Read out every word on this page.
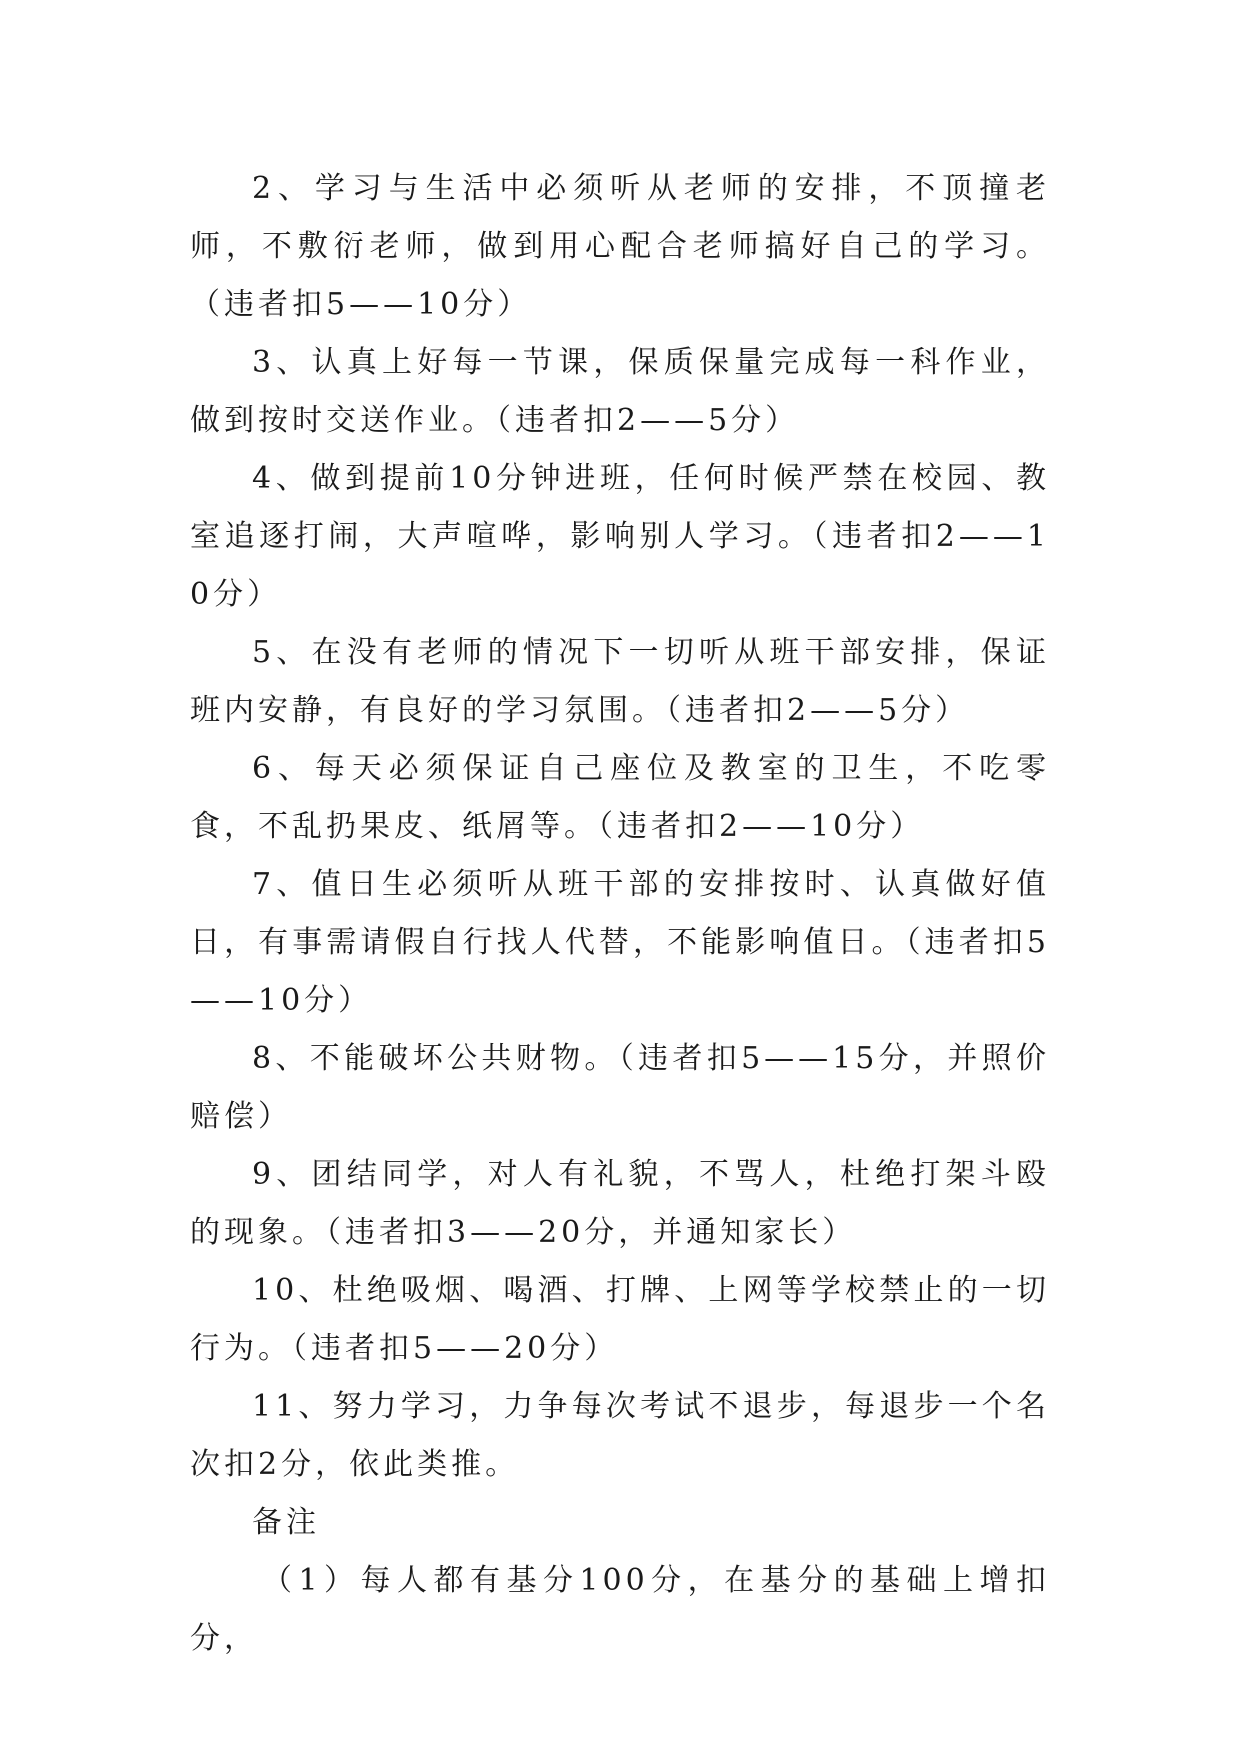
2、学习与生活中必须听从老师的安排，不顶撞老师，不敷衍老师，做到用心配合老师搞好自己的学习。（违者扣5——10分）

3、认真上好每一节课，保质保量完成每一科作业，做到按时交送作业。（违者扣2——5分）

4、做到提前10分钟进班，任何时候严禁在校园、教室追逐打闹，大声喧哗，影响别人学习。（违者扣2——10分）

5、在没有老师的情况下一切听从班干部安排，保证班内安静，有良好的学习氛围。（违者扣2——5分）

6、每天必须保证自己座位及教室的卫生，不吃零食，不乱扔果皮、纸屑等。（违者扣2——10分）

7、值日生必须听从班干部的安排按时、认真做好值日，有事需请假自行找人代替，不能影响值日。（违者扣5——10分）

8、不能破坏公共财物。（违者扣5——15分，并照价赔偿）

9、团结同学，对人有礼貌，不骂人，杜绝打架斗殴的现象。（违者扣3——20分，并通知家长）

10、杜绝吸烟、喝酒、打牌、上网等学校禁止的一切行为。（违者扣5——20分）

11、努力学习，力争每次考试不退步，每退步一个名次扣2分，依此类推。

备注

（1）每人都有基分100分，在基分的基础上增扣分，
